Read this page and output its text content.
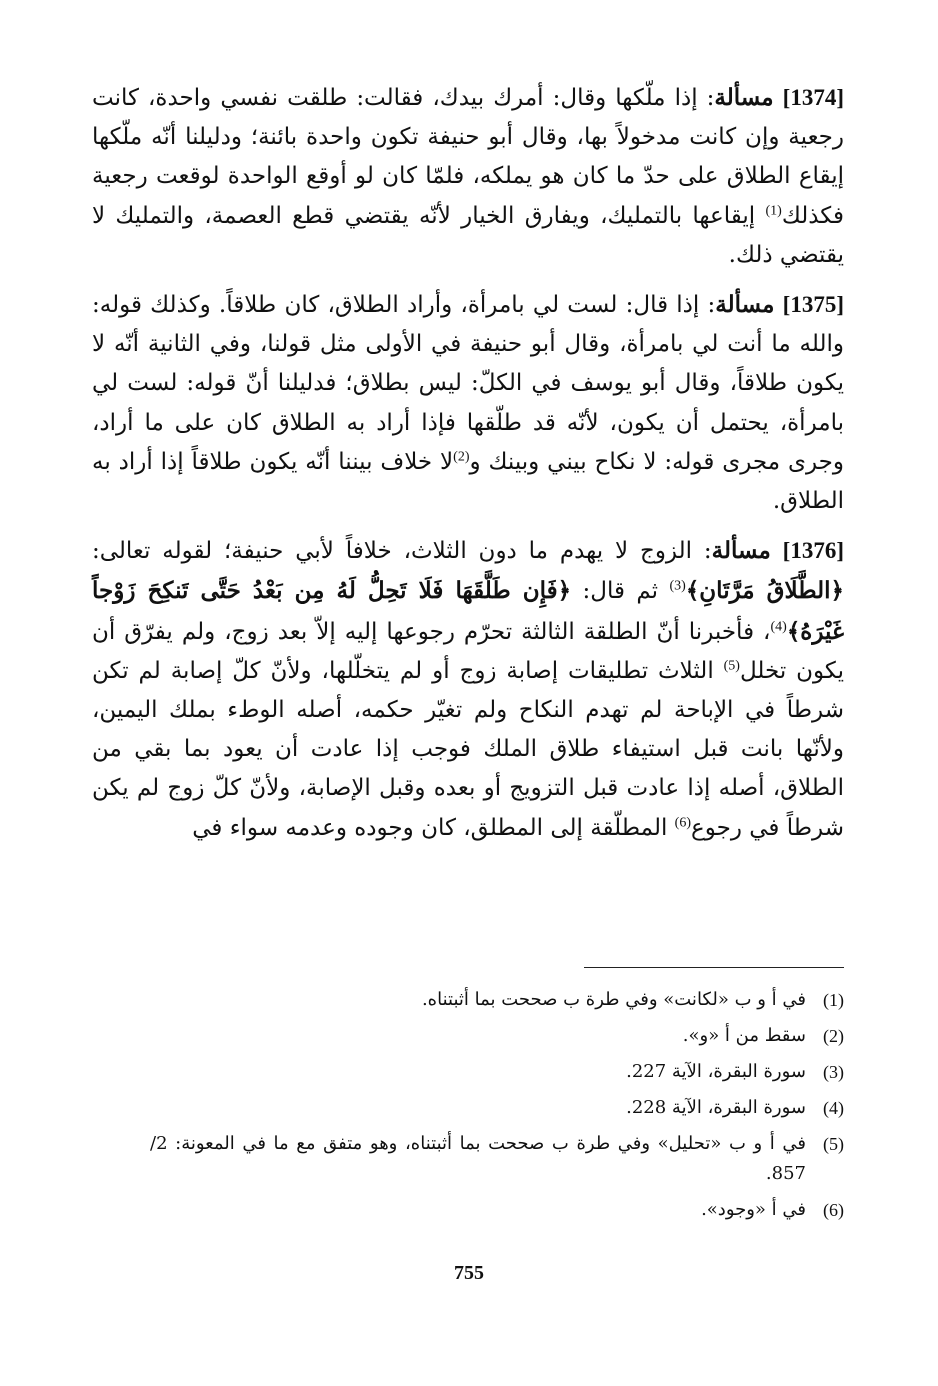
[1374] مسألة: إذا ملّكها وقال: أمرك بيدك، فقالت: طلقت نفسي واحدة، كانت رجعية وإن كانت مدخولاً بها، وقال أبو حنيفة تكون واحدة بائنة؛ ودليلنا أنّه ملّكها إيقاع الطلاق على حدّ ما كان هو يملكه، فلمّا كان لو أوقع الواحدة لوقعت رجعية فكذلك$^{(1)}$ إيقاعها بالتمليك، ويفارق الخيار لأنّه يقتضي قطع العصمة، والتمليك لا يقتضي ذلك.

[1375] مسألة: إذا قال: لست لي بامرأة، وأراد الطلاق، كان طلاقاً. وكذلك قوله: والله ما أنت لي بامرأة، وقال أبو حنيفة في الأولى مثل قولنا، وفي الثانية أنّه لا يكون طلاقاً، وقال أبو يوسف في الكلّ: ليس بطلاق؛ فدليلنا أنّ قوله: لست لي بامرأة، يحتمل أن يكون، لأنّه قد طلّقها فإذا أراد به الطلاق كان على ما أراد، وجرى مجرى قوله: لا نكاح بيني وبينك و$^{(2)}$لا خلاف بيننا أنّه يكون طلاقاً إذا أراد به الطلاق.

[1376] مسألة: الزوج لا يهدم ما دون الثلاث، خلافاً لأبي حنيفة؛ لقوله تعالى: ﴿الطَّلَاقُ مَرَّتَانِ﴾$^{(3)}$ ثم قال: ﴿فَإِن طَلَّقَهَا فَلَا تَحِلُّ لَهُ مِن بَعْدُ حَتَّى تَنكِحَ زَوْجاً غَيْرَهُ﴾$^{(4)}$، فأخبرنا أنّ الطلقة الثالثة تحرّم رجوعها إليه إلاّ بعد زوج، ولم يفرّق أن يكون تخلل$^{(5)}$ الثلاث تطليقات إصابة زوج أو لم يتخلّلها، ولأنّ كلّ إصابة لم تكن شرطاً في الإباحة لم تهدم النكاح ولم تغيّر حكمه، أصله الوطء بملك اليمين، ولأنّها بانت قبل استيفاء طلاق الملك فوجب إذا عادت أن يعود بما بقي من الطلاق، أصله إذا عادت قبل التزويج أو بعده وقبل الإصابة، ولأنّ كلّ زوج لم يكن شرطاً في رجوع$^{(6)}$ المطلّقة إلى المطلق، كان وجوده وعدمه سواء في

(1)
في أ و ب «لكانت» وفي طرة ب صححت بما أثبتناه.
(2)
سقط من أ «و».
(3)
سورة البقرة، الآية 227.
(4)
سورة البقرة، الآية 228.
(5)
في أ و ب «تحليل» وفي طرة ب صححت بما أثبتناه، وهو متفق مع ما في المعونة: 2/ 857.
(6)
في أ «وجود».
755
